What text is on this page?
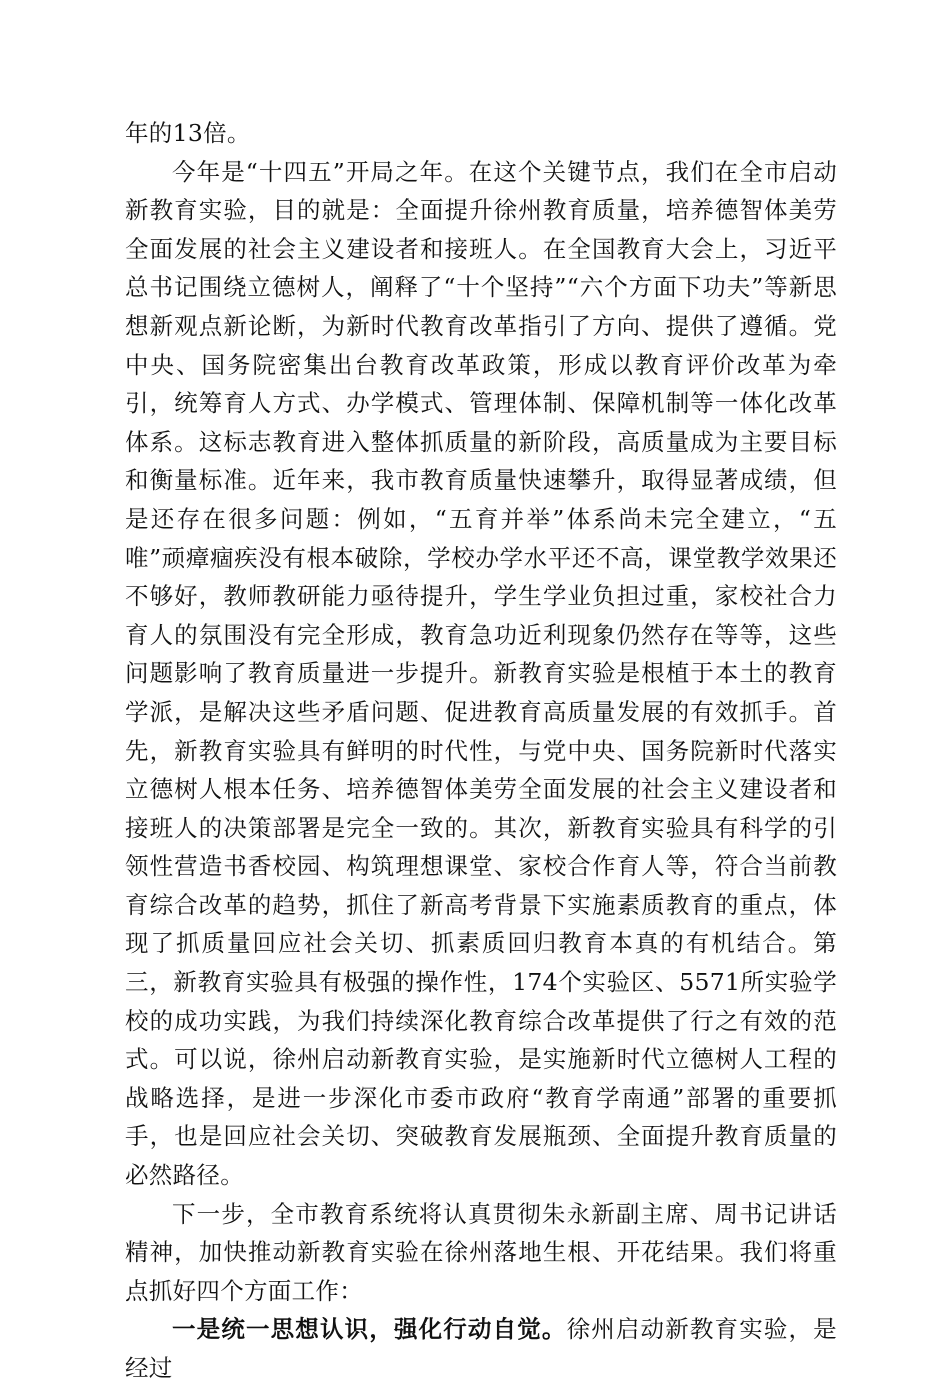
年的13倍。

今年是“十四五”开局之年。在这个关键节点，我们在全市启动新教育实验，目的就是：全面提升徐州教育质量，培养德智体美劳全面发展的社会主义建设者和接班人。在全国教育大会上，习近平总书记围绕立德树人，阐释了“十个坚持”“六个方面下功夫”等新思想新观点新论断，为新时代教育改革指引了方向、提供了遵循。党中央、国务院密集出台教育改革政策，形成以教育评价改革为牵引，统筹育人方式、办学模式、管理体制、保障机制等一体化改革体系。这标志教育进入整体抓质量的新阶段，高质量成为主要目标和衡量标准。近年来，我市教育质量快速攀升，取得显著成绩，但是还存在很多问题：例如，“五育并举”体系尚未完全建立，“五唯”顽瘴痼疾没有根本破除，学校办学水平还不高，课堂教学效果还不够好，教师教研能力亟待提升，学生学业负担过重，家校社合力育人的氛围没有完全形成，教育急功近利现象仍然存在等等，这些问题影响了教育质量进一步提升。新教育实验是根植于本土的教育学派，是解决这些矛盾问题、促进教育高质量发展的有效抓手。首先，新教育实验具有鲜明的时代性，与党中央、国务院新时代落实立德树人根本任务、培养德智体美劳全面发展的社会主义建设者和接班人的决策部署是完全一致的。其次，新教育实验具有科学的引领性营造书香校园、构筑理想课堂、家校合作育人等，符合当前教育综合改革的趋势，抓住了新高考背景下实施素质教育的重点，体现了抓质量回应社会关切、抓素质回归教育本真的有机结合。第三，新教育实验具有极强的操作性，174个实验区、5571所实验学校的成功实践，为我们持续深化教育综合改革提供了行之有效的范式。可以说，徐州启动新教育实验，是实施新时代立德树人工程的战略选择，是进一步深化市委市政府“教育学南通”部署的重要抓手，也是回应社会关切、突破教育发展瓶颈、全面提升教育质量的必然路径。

下一步，全市教育系统将认真贯彻朱永新副主席、周书记讲话精神，加快推动新教育实验在徐州落地生根、开花结果。我们将重点抓好四个方面工作：

一是统一思想认识，强化行动自觉。徐州启动新教育实验，是经过
